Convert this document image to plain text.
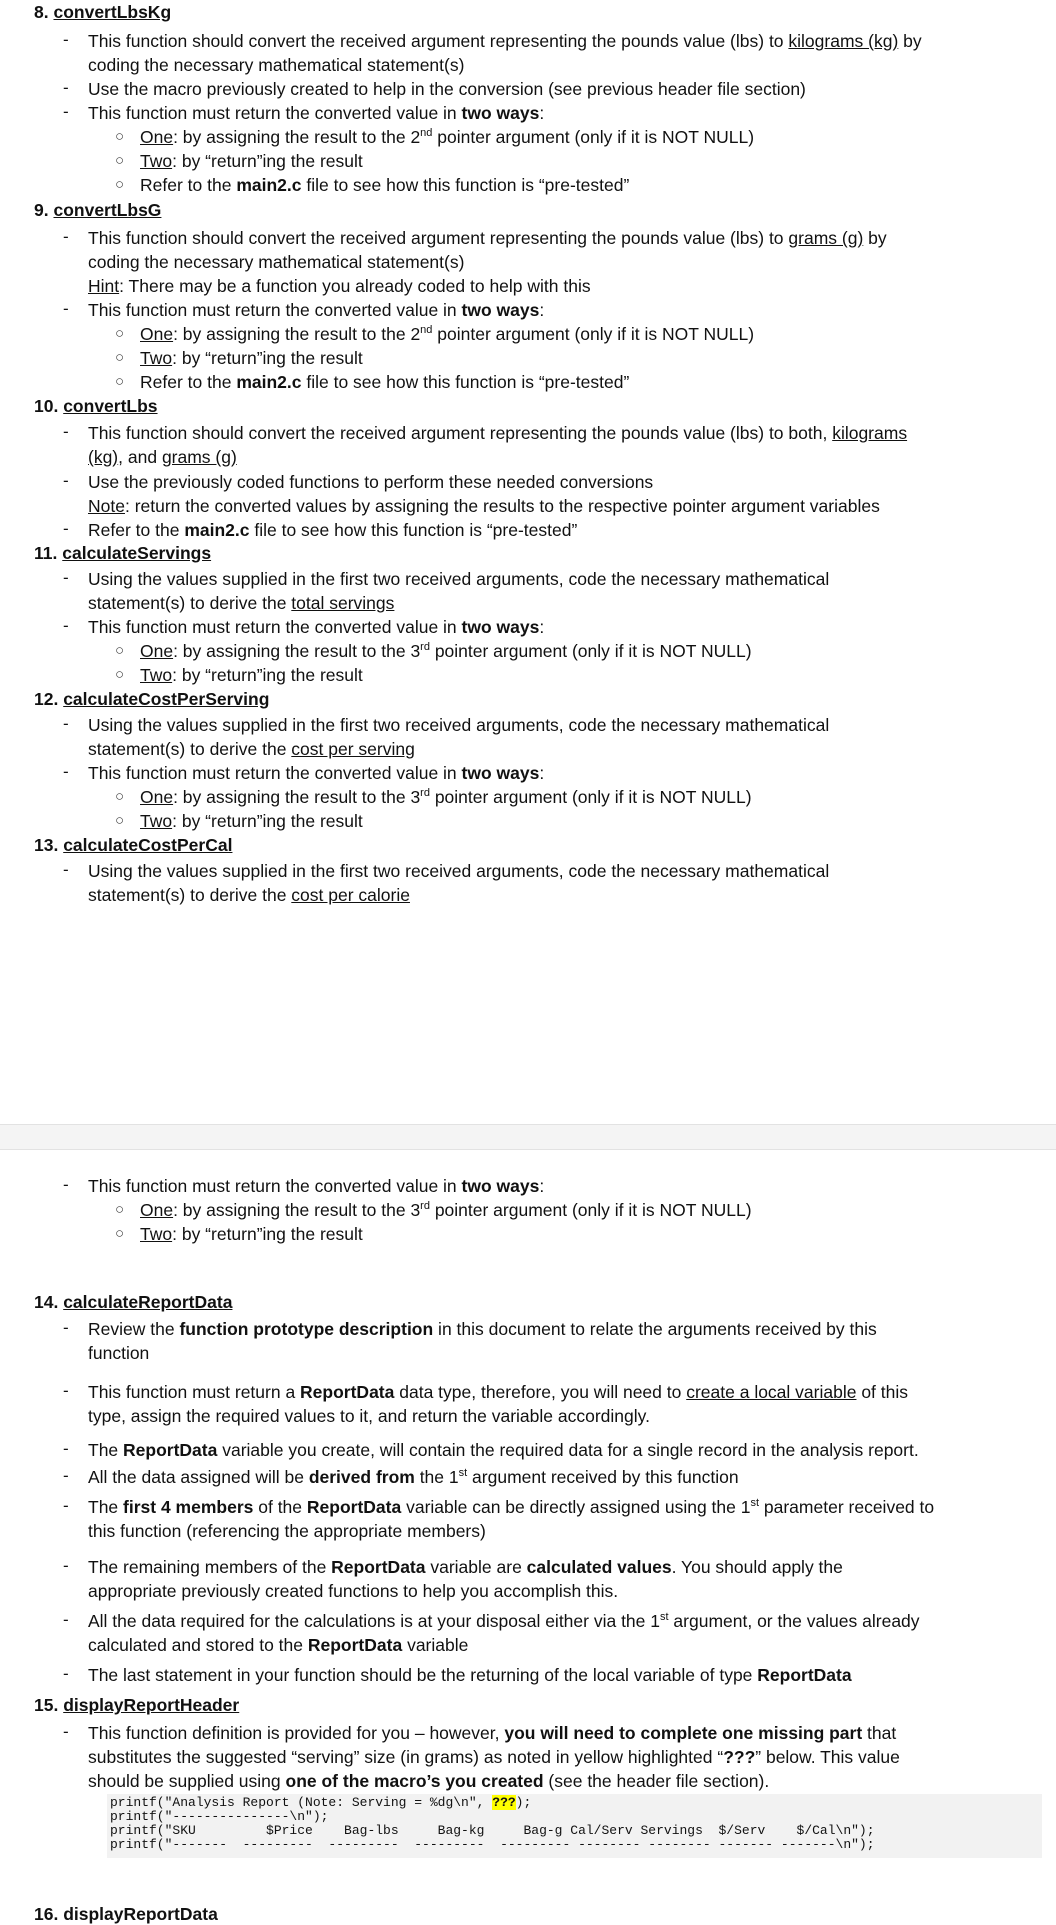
8. convertLbsKg
- This function should convert the received argument representing the pounds value (lbs) to kilograms (kg) by
coding the necessary mathematical statement(s)
- Use the macro previously created to help in the conversion (see previous header file section)
- This function must return the converted value in two ways:
○ One: by assigning the result to the 2nd pointer argument (only if it is NOT NULL)
○ Two: by “return”ing the result
○ Refer to the main2.c file to see how this function is “pre-tested”
9. convertLbsG
- This function should convert the received argument representing the pounds value (lbs) to grams (g) by
coding the necessary mathematical statement(s)
Hint: There may be a function you already coded to help with this
- This function must return the converted value in two ways:
○ One: by assigning the result to the 2nd pointer argument (only if it is NOT NULL)
○ Two: by “return”ing the result
○ Refer to the main2.c file to see how this function is “pre-tested”
10. convertLbs
- This function should convert the received argument representing the pounds value (lbs) to both, kilograms
(kg), and grams (g)
- Use the previously coded functions to perform these needed conversions
Note: return the converted values by assigning the results to the respective pointer argument variables
- Refer to the main2.c file to see how this function is “pre-tested”
11. calculateServings
- Using the values supplied in the first two received arguments, code the necessary mathematical
statement(s) to derive the total servings
- This function must return the converted value in two ways:
○ One: by assigning the result to the 3rd pointer argument (only if it is NOT NULL)
○ Two: by “return”ing the result
12. calculateCostPerServing
- Using the values supplied in the first two received arguments, code the necessary mathematical
statement(s) to derive the cost per serving
- This function must return the converted value in two ways:
○ One: by assigning the result to the 3rd pointer argument (only if it is NOT NULL)
○ Two: by “return”ing the result
13. calculateCostPerCal
- Using the values supplied in the first two received arguments, code the necessary mathematical
statement(s) to derive the cost per calorie
- This function must return the converted value in two ways:
○ One: by assigning the result to the 3rd pointer argument (only if it is NOT NULL)
○ Two: by “return”ing the result
14. calculateReportData
- Review the function prototype description in this document to relate the arguments received by this
function
- This function must return a ReportData data type, therefore, you will need to create a local variable of this
type, assign the required values to it, and return the variable accordingly.
- The ReportData variable you create, will contain the required data for a single record in the analysis report.
- All the data assigned will be derived from the 1st argument received by this function
- The first 4 members of the ReportData variable can be directly assigned using the 1st parameter received to
this function (referencing the appropriate members)
- The remaining members of the ReportData variable are calculated values. You should apply the
appropriate previously created functions to help you accomplish this.
- All the data required for the calculations is at your disposal either via the 1st argument, or the values already
calculated and stored to the ReportData variable
- The last statement in your function should be the returning of the local variable of type ReportData
15. displayReportHeader
- This function definition is provided for you – however, you will need to complete one missing part that
substitutes the suggested “serving” size (in grams) as noted in yellow highlighted “???” below. This value
should be supplied using one of the macro’s you created (see the header file section).
printf("Analysis Report (Note: Serving = %dg\n", ???);
printf("---------------\n");
printf("SKU         $Price    Bag-lbs     Bag-kg     Bag-g Cal/Serv Servings  $/Serv    $/Cal\n");
printf("-------  ---------  ---------  ---------  --------- -------- -------- ------- -------\n");
16. displayReportData
